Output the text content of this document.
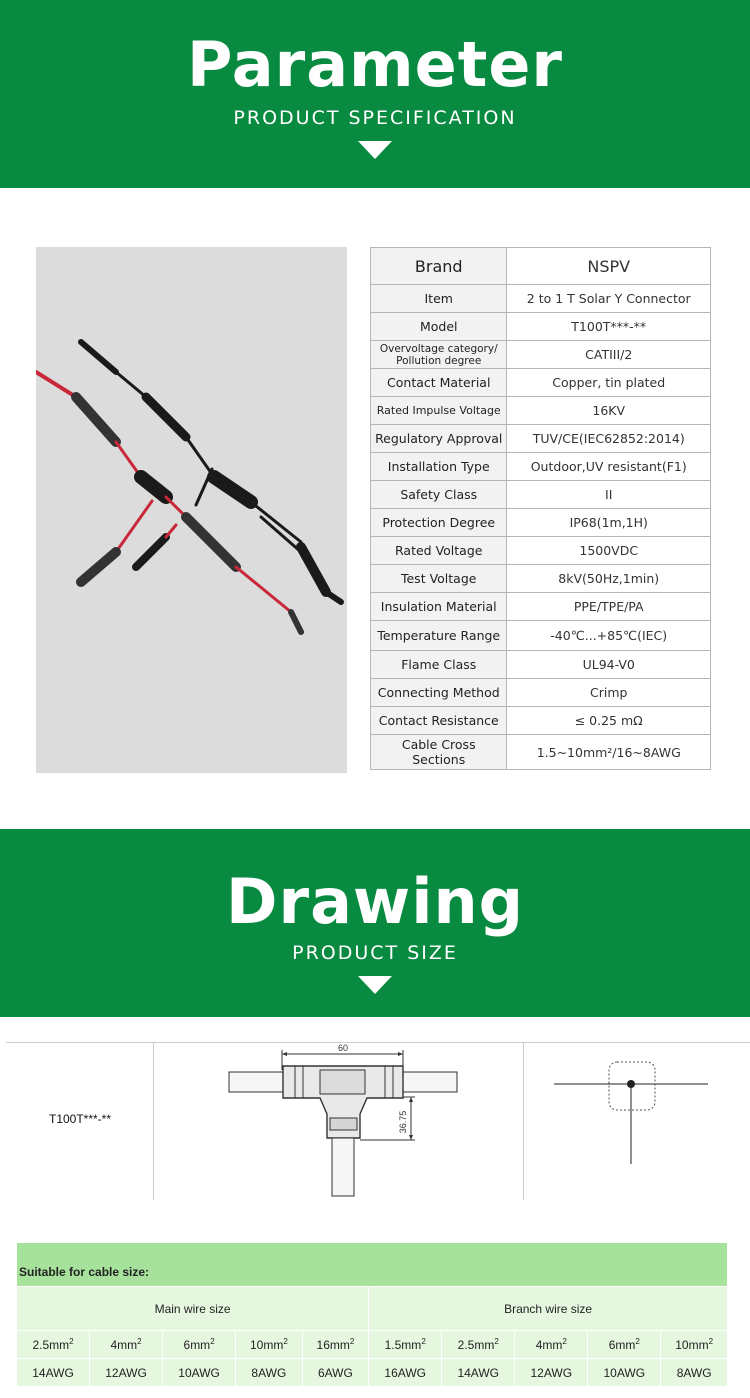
Parameter
PRODUCT SPECIFICATION
Brand	NSPV
Item	2 to 1 T Solar Y Connector
Model	T100T***-**
Overvoltage category/ Pollution degree	CATIII/2
Contact Material	Copper, tin plated
Rated Impulse Voltage	16KV
Regulatory Approval	TUV/CE(IEC62852:2014)
Installation Type	Outdoor,UV resistant(F1)
Safety Class	II
Protection Degree	IP68(1m,1H)
Rated Voltage	1500VDC
Test Voltage	8kV(50Hz,1min)
Insulation Material	PPE/TPE/PA
Temperature Range	-40℃...+85℃(IEC)
Flame Class	UL94-V0
Connecting Method	Crimp
Contact Resistance	≤ 0.25 mΩ
Cable Cross Sections	1.5~10mm²/16~8AWG
Drawing
PRODUCT SIZE
T100T***-**
60
36.75
Suitable for cable size:									
Main wire size					Branch wire size				
$2.5mm^2$	$4mm^2$	$6mm^2$	$10mm^2$	$16mm^2$	$1.5mm^2$	$2.5mm^2$	$4mm^2$	$6mm^2$	$10mm^2$
14AWG	12AWG	10AWG	8AWG	6AWG	16AWG	14AWG	12AWG	10AWG	8AWG
